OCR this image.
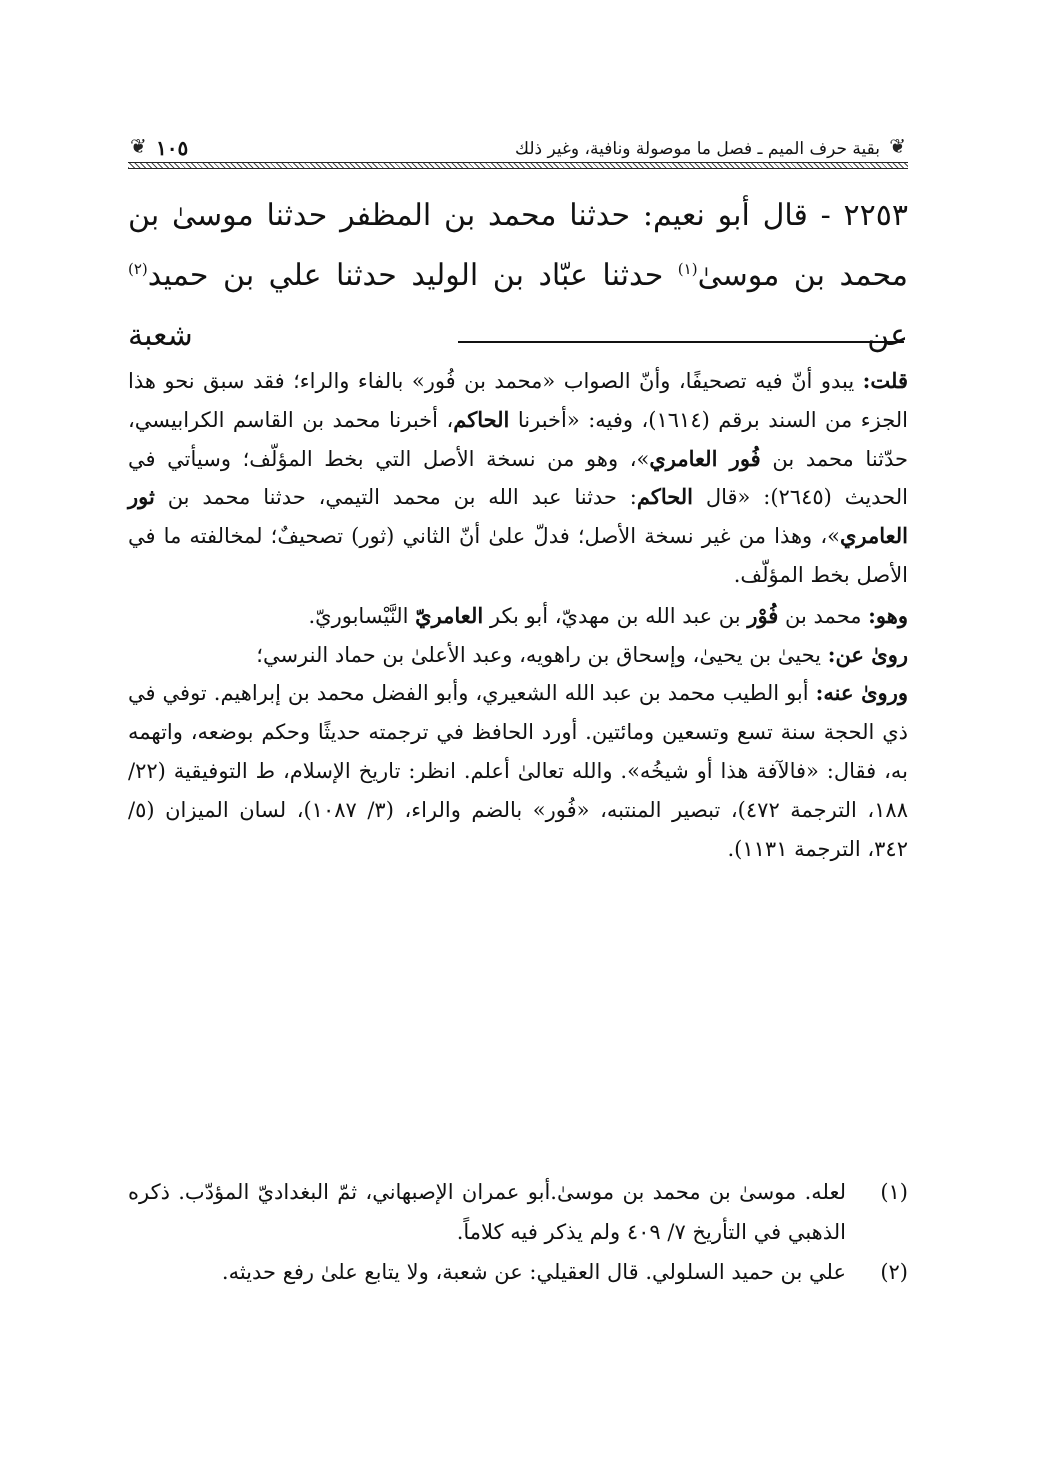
❦
بقية حرف الميم ـ فصل ما موصولة ونافية، وغير ذلك
١٠٥
❦

٢٢٥٣ - قال أبو نعيم: حدثنا محمد بن المظفر حدثنا موسىٰ بن
محمد بن موسىٰ$^{(١)}$ حدثنا عبّاد بن الوليد حدثنا علي بن حميد$^{(٢)}$ عن شعبة

قلت: يبدو أنّ فيه تصحيفًا، وأنّ الصواب «محمد بن فُور» بالفاء والراء؛ فقد سبق نحو هذا الجزء من السند برقم (١٦١٤)، وفيه: «أخبرنا الحاكم، أخبرنا محمد بن القاسم الكرابيسي، حدّثنا محمد بن فُور العامري»، وهو من نسخة الأصل التي بخط المؤلّف؛ وسيأتي في الحديث (٢٦٤٥): «قال الحاكم: حدثنا عبد الله بن محمد التيمي، حدثنا محمد بن ثور العامري»، وهذا من غير نسخة الأصل؛ فدلّ علىٰ أنّ الثاني (ثور) تصحيفٌ؛ لمخالفته ما في الأصل بخط المؤلّف.

وهو: محمد بن فُوْر بن عبد الله بن مهديّ، أبو بكر العامريّ النَّيْسابوريّ.
روىٰ عن: يحيىٰ بن يحيىٰ، وإسحاق بن راهويه، وعبد الأعلىٰ بن حماد النرسي؛
وروىٰ عنه: أبو الطيب محمد بن عبد الله الشعيري، وأبو الفضل محمد بن إبراهيم. توفي في ذي الحجة سنة تسع وتسعين ومائتين. أورد الحافظ في ترجمته حديثًا وحكم بوضعه، واتهمه به، فقال: «فالآفة هذا أو شيخُه». والله تعالىٰ أعلم. انظر: تاريخ الإسلام، ط التوفيقية (٢٢/ ١٨٨، الترجمة ٤٧٢)، تبصير المنتبه، «فُور» بالضم والراء، (٣/ ١٠٨٧)، لسان الميزان (٥/ ٣٤٢، الترجمة ١١٣١).

(١)
لعله. موسىٰ بن محمد بن موسىٰ.أبو عمران الإصبهاني، ثمّ البغداديّ المؤدّب. ذكره الذهبي في التأريخ ٧/ ٤٠٩ ولم يذكر فيه كلاماً.
(٢)
علي بن حميد السلولي. قال العقيلي: عن شعبة، ولا يتابع علىٰ رفع حديثه.
